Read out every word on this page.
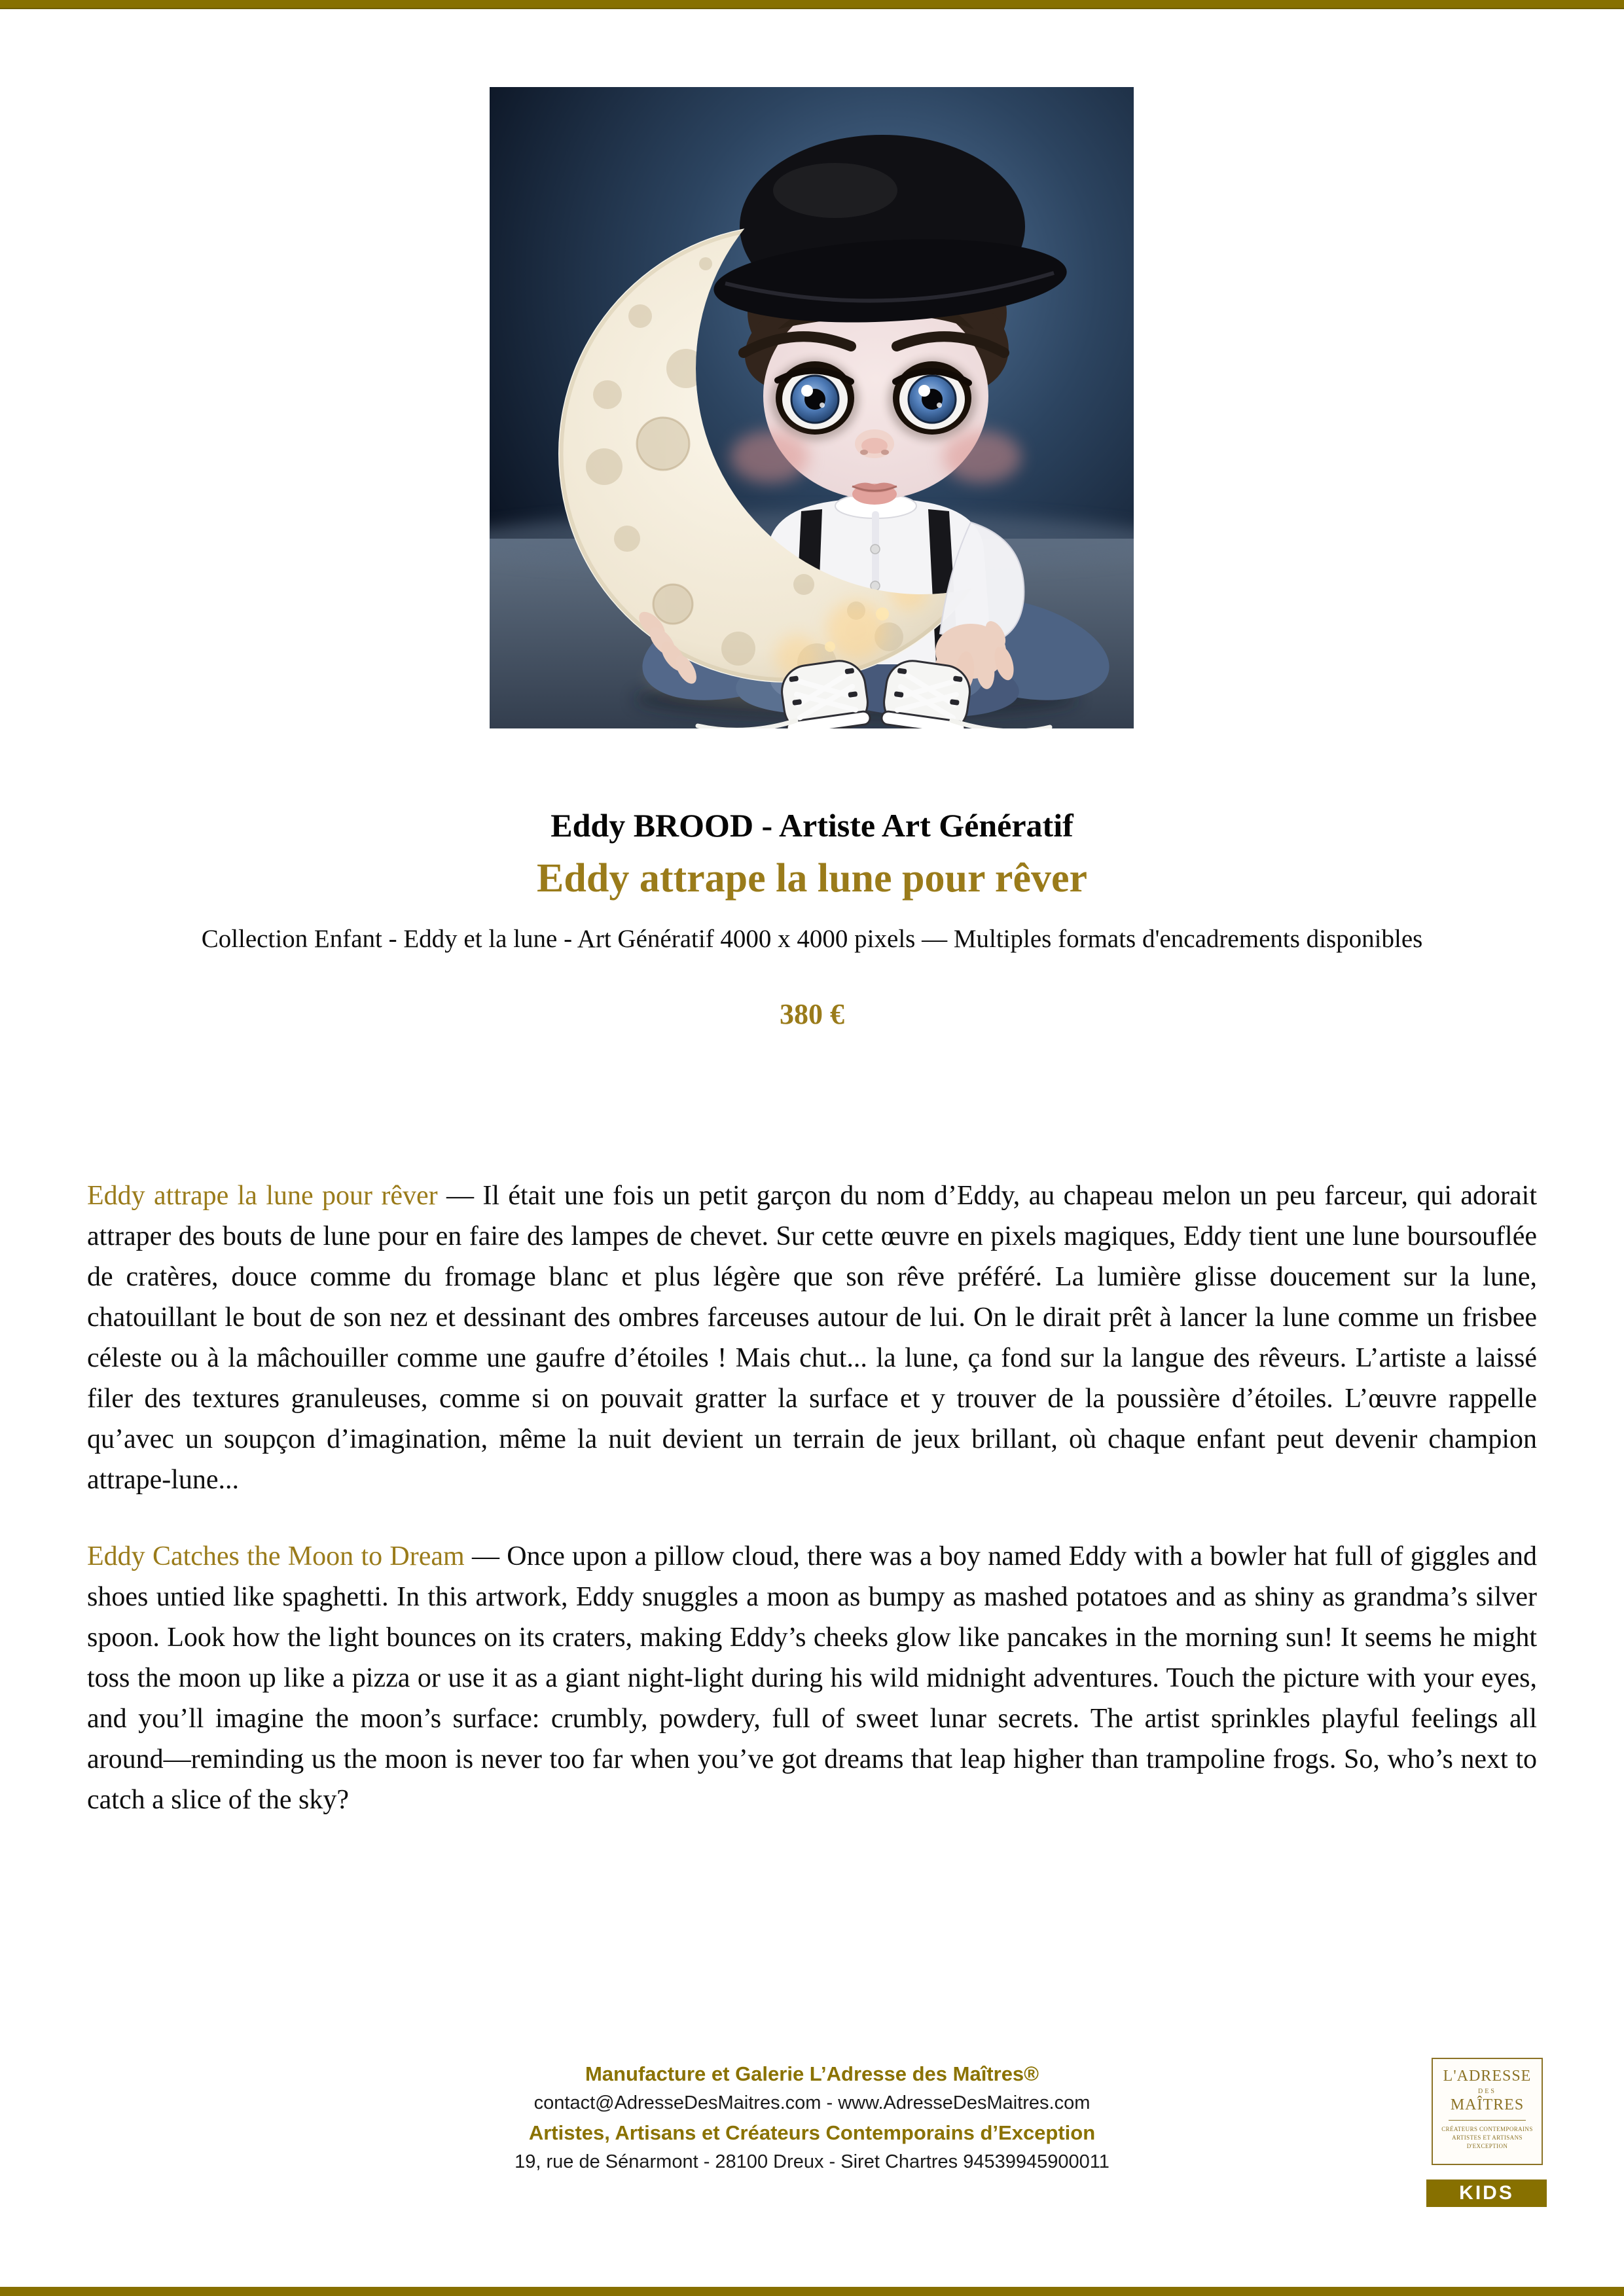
Eddy BROOD - Artiste Art Génératif
Eddy attrape la lune pour rêver
Collection Enfant - Eddy et la lune - Art Génératif 4000 x 4000 pixels — Multiples formats d'encadrements disponibles
380 €

Eddy attrape la lune pour rêver — Il était une fois un petit garçon du nom d’Eddy, au chapeau melon un peu farceur, qui adorait attraper des bouts de lune pour en faire des lampes de chevet. Sur cette œuvre en pixels magiques, Eddy tient une lune boursouflée de cratères, douce comme du fromage blanc et plus légère que son rêve préféré. La lumière glisse doucement sur la lune, chatouillant le bout de son nez et dessinant des ombres farceuses autour de lui. On le dirait prêt à lancer la lune comme un frisbee céleste ou à la mâchouiller comme une gaufre d’étoiles ! Mais chut... la lune, ça fond sur la langue des rêveurs. L’artiste a laissé filer des textures granuleuses, comme si on pouvait gratter la surface et y trouver de la poussière d’étoiles. L’œuvre rappelle qu’avec un soupçon d’imagination, même la nuit devient un terrain de jeux brillant, où chaque enfant peut devenir champion attrape-lune...

Eddy Catches the Moon to Dream — Once upon a pillow cloud, there was a boy named Eddy with a bowler hat full of giggles and shoes untied like spaghetti. In this artwork, Eddy snuggles a moon as bumpy as mashed potatoes and as shiny as grandma’s silver spoon. Look how the light bounces on its craters, making Eddy’s cheeks glow like pancakes in the morning sun! It seems he might toss the moon up like a pizza or use it as a giant night-light during his wild midnight adventures. Touch the picture with your eyes, and you’ll imagine the moon’s surface: crumbly, powdery, full of sweet lunar secrets. The artist sprinkles playful feelings all around—reminding us the moon is never too far when you’ve got dreams that leap higher than trampoline frogs. So, who’s next to catch a slice of the sky?

Manufacture et Galerie L’Adresse des Maîtres®
contact@AdresseDesMaitres.com - www.AdresseDesMaitres.com
Artistes, Artisans et Créateurs Contemporains d’Exception
19, rue de Sénarmont - 28100 Dreux - Siret Chartres 94539945900011
L'ADRESSE
DES
MAÎTRES
CRÉATEURS CONTEMPORAINS
ARTISTES ET ARTISANS
D'EXCEPTION
KIDS
